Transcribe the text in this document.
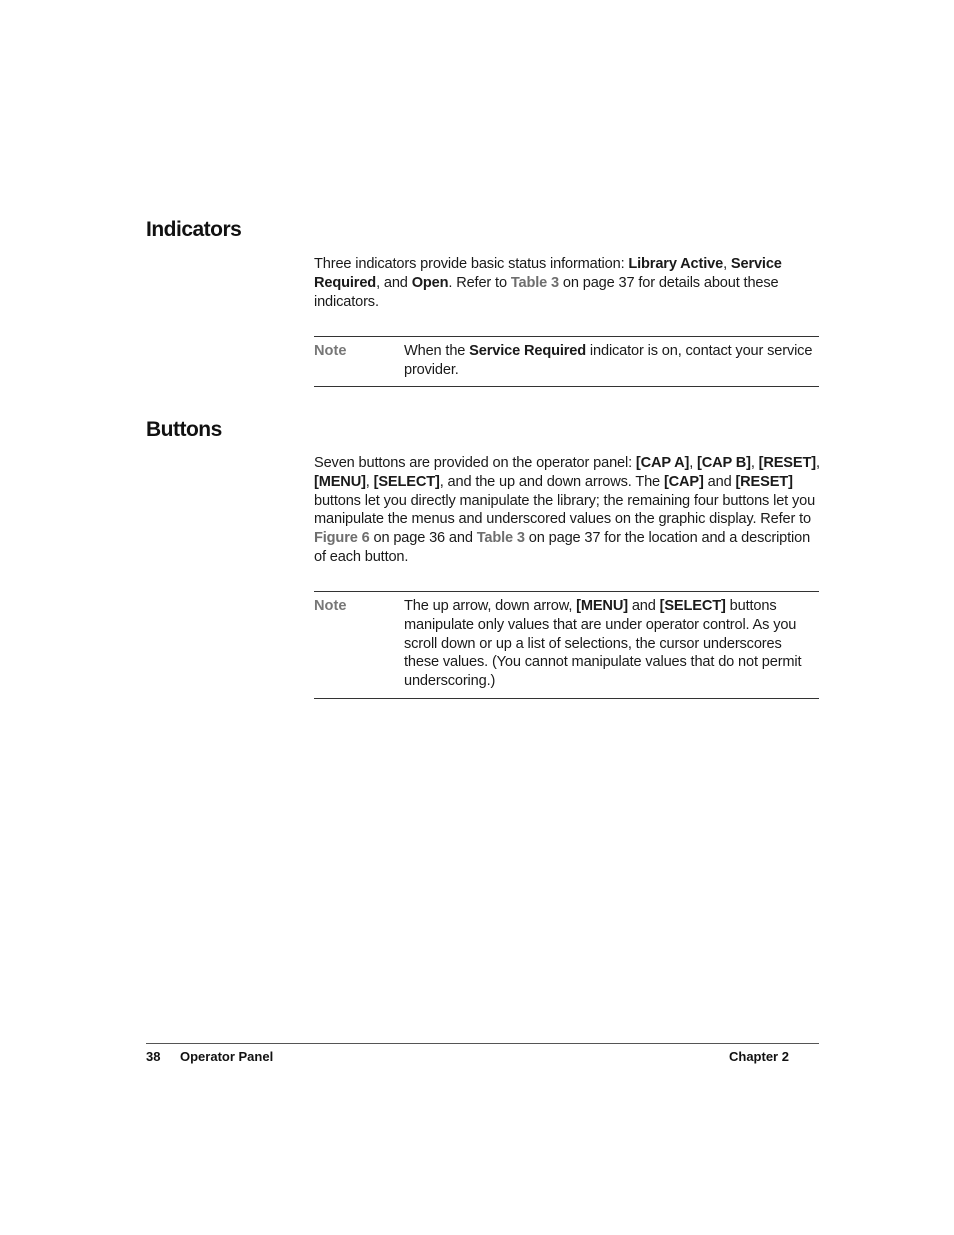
Indicators

Three indicators provide basic status information: Library Active, Service Required, and Open. Refer to Table 3 on page 37 for details about these indicators.

Note	When the Service Required indicator is on, contact your service provider.
Buttons

Seven buttons are provided on the operator panel: [CAP A], [CAP B], [RESET], [MENU], [SELECT], and the up and down arrows. The [CAP] and [RESET] buttons let you directly manipulate the library; the remaining four buttons let you manipulate the menus and underscored values on the graphic display. Refer to Figure 6 on page 36 and Table 3 on page 37 for the location and a description of each button.

Note	The up arrow, down arrow, [MENU] and [SELECT] buttons manipulate only values that are under operator control. As you scroll down or up a list of selections, the cursor underscores these values. (You cannot manipulate values that do not permit underscoring.)
38 Operator Panel	Chapter 2
